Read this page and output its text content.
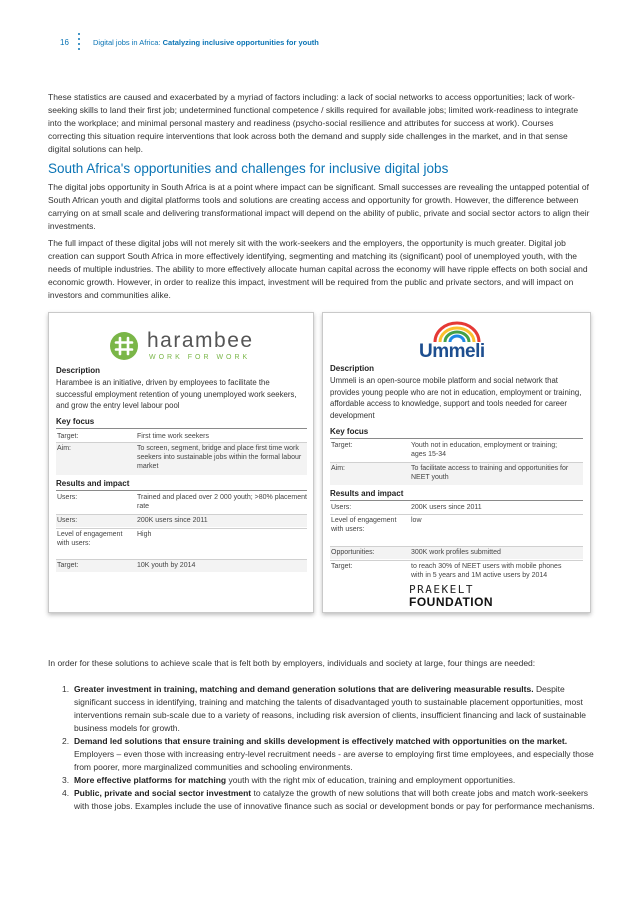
16	Digital jobs in Africa: Catalyzing inclusive opportunities for youth

These statistics are caused and exacerbated by a myriad of factors including: a lack of social networks to access opportunities; lack of work-seeking skills to land their first job; undetermined functional competence / skills required for available jobs; limited work-readiness to integrate into the workplace; and minimal personal mastery and readiness (psycho-social resilience and attributes for success at work). Courses correcting this situation require interventions that look across both the demand and supply side challenges in the market, and in that sense digital solutions can help.

South Africa's opportunities and challenges for inclusive digital jobs

The digital jobs opportunity in South Africa is at a point where impact can be significant. Small successes are revealing the untapped potential of South African youth and digital platforms tools and solutions are creating access and opportunity for growth. However, the difference between carrying on at small scale and delivering transformational impact will depend on the ability of public, private and social sector actors to align their investments.

The full impact of these digital jobs will not merely sit with the work-seekers and the employers, the opportunity is much greater. Digital job creation can support South Africa in more effectively identifying, segmenting and matching its (significant) pool of unemployed youth, with the needs of multiple industries. The ability to more effectively allocate human capital across the economy will have ripple effects on both social and economic growth. However, in order to realize this impact, investment will be required from the public and private sectors, and will impact on investors and communities alike.

harambee
WORK FOR WORK
Description
Harambee is an initiative, driven by employees to facilitate the successful employment retention of young unemployed work seekers, and grow the entry level labour pool
Key focus
Target:	First time work seekers
Aim:	To screen, segment, bridge and place first time work seekers into sustainable jobs within the formal labour market
Results and impact
Users:	Trained and placed over 2 000 youth; >80% placement rate
Users:	200K users since 2011
Level of engagement with users:
High
Target:	10K youth by 2014
Ummeli
Description
Ummeli is an open-source mobile platform and social network that provides young people who are not in education, employment or training, affordable access to knowledge, support and tools needed for career development
Key focus
Target:	Youth not in education, employment or training; ages 15-34
Aim:	To facilitate access to training and opportunities for NEET youth
Results and impact
Users:	200K users since 2011
Level of engagement with users:
low
Opportunities:	300K work profiles submitted
Target:	to reach 30% of NEET users with mobile phones with in 5 years and 1M active users by 2014
PRAEKELT
FOUNDATION
In order for these solutions to achieve scale that is felt both by employers, individuals and society at large, four things are needed:
1. Greater investment in training, matching and demand generation solutions that are delivering measurable results. Despite significant success in identifying, training and matching the talents of disadvantaged youth to sustainable placement opportunities, most interventions remain sub-scale due to a variety of reasons, including risk aversion of clients, insufficient financing and lack of sustainable business models for growth.
2. Demand led solutions that ensure training and skills development is effectively matched with opportunities on the market. Employers – even those with increasing entry-level recruitment needs - are averse to employing first time employees, and especially those from poorer, more marginalized communities and schooling environments.
3. More effective platforms for matching youth with the right mix of education, training and employment opportunities.
4. Public, private and social sector investment to catalyze the growth of new solutions that will both create jobs and match work-seekers with those jobs. Examples include the use of innovative finance such as social or development bonds or pay for performance mechanisms.
